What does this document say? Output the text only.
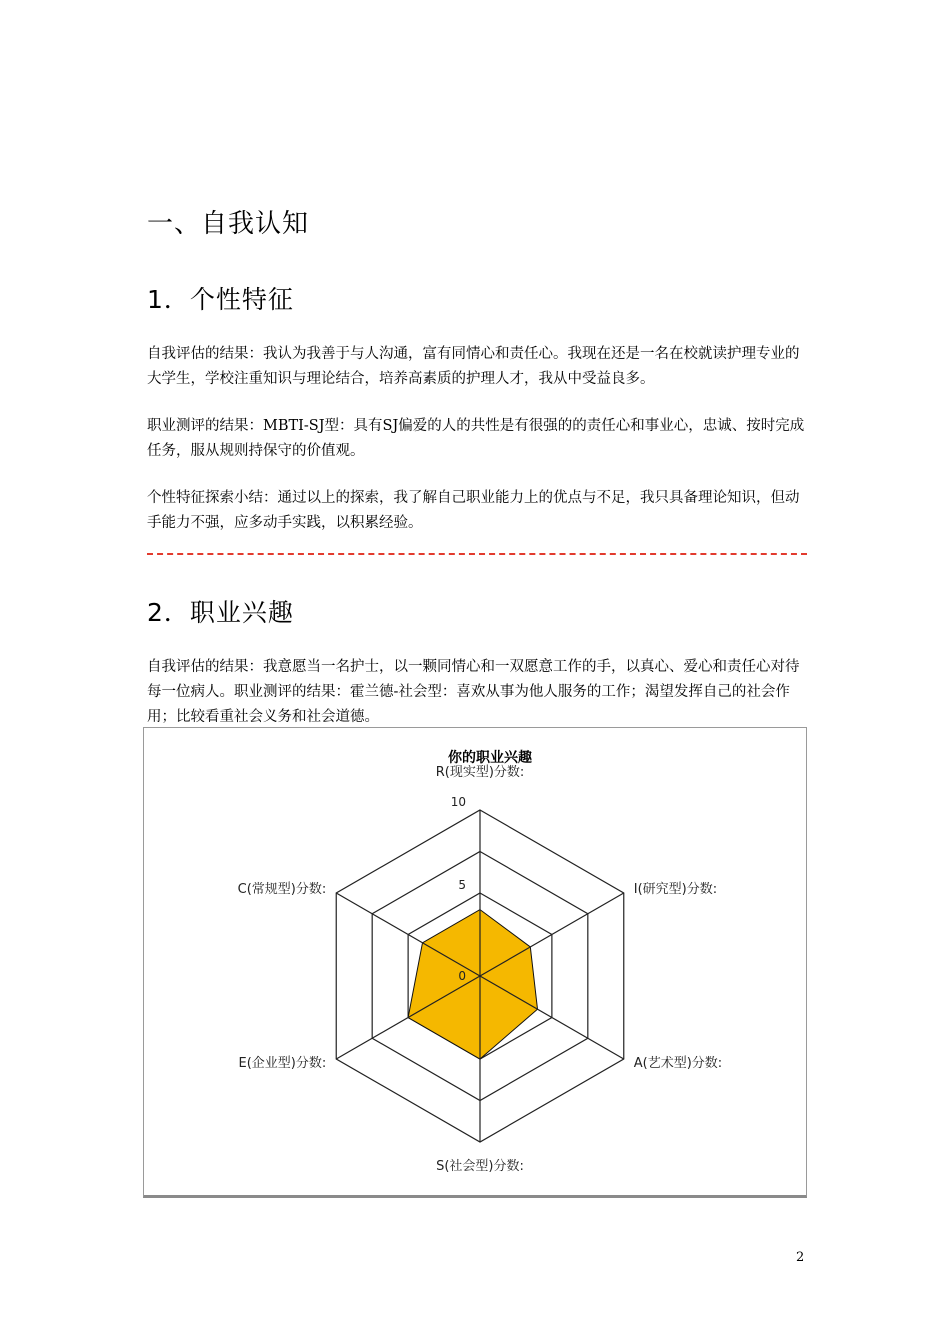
一、自我认知
1．个性特征

自我评估的结果：我认为我善于与人沟通，富有同情心和责任心。我现在还是一名在校就读护理专业的大学生，学校注重知识与理论结合，培养高素质的护理人才，我从中受益良多。

职业测评的结果：MBTI-SJ型：具有SJ偏爱的人的共性是有很强的的责任心和事业心，忠诚、按时完成任务，服从规则持保守的价值观。

个性特征探索小结：通过以上的探索，我了解自己职业能力上的优点与不足，我只具备理论知识，但动手能力不强，应多动手实践，以积累经验。

2．职业兴趣

自我评估的结果：我意愿当一名护士，以一颗同情心和一双愿意工作的手，以真心、爱心和责任心对待每一位病人。职业测评的结果：霍兰德-社会型：喜欢从事为他人服务的工作；渴望发挥自己的社会作用；比较看重社会义务和社会道德。

你的职业兴趣
R(现实型)分数:
I(研究型)分数:
A(艺术型)分数:
S(社会型)分数:
E(企业型)分数:
C(常规型)分数:
10
5
0
2
